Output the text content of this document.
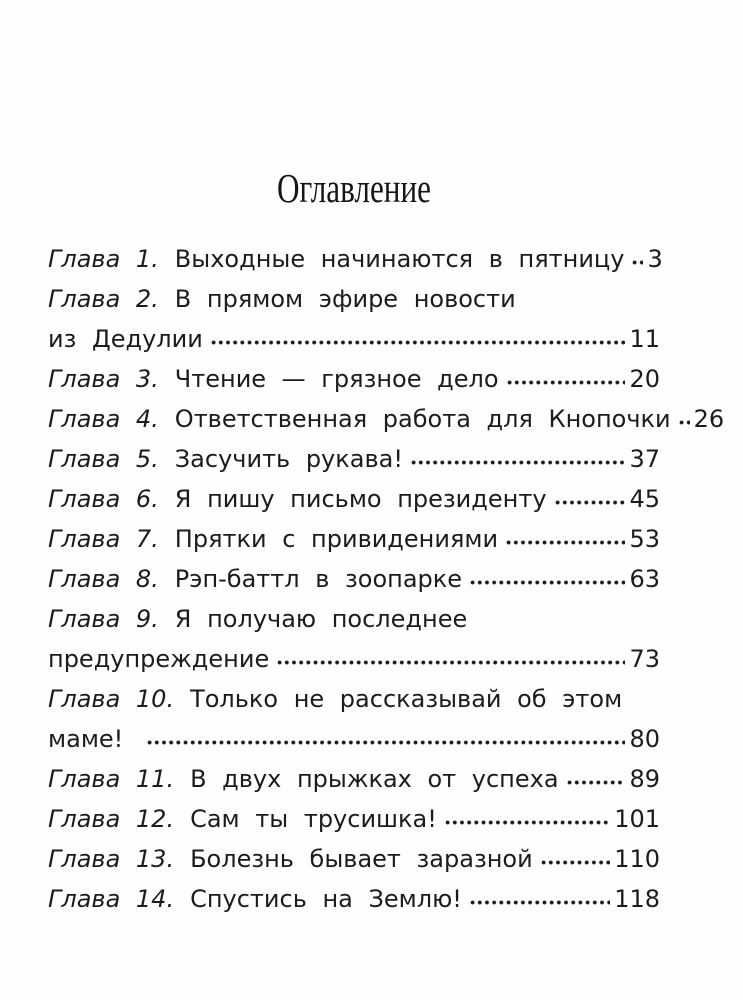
Оглавление
Глава 1. Выходные начинаются в пятницу 3
Глава 2. В прямом эфире новости
из Дедулии	11
Глава 3. Чтение — грязное дело	20
Глава 4. Ответственная работа для Кнопочки 26
Глава 5. Засучить рукава!	37
Глава 6. Я пишу письмо президенту	45
Глава 7. Прятки с привидениями	53
Глава 8. Рэп-баттл в зоопарке	63
Глава 9. Я получаю последнее
предупреждение	73
Глава 10. Только не рассказывай об этом
маме!	80
Глава 11. В двух прыжках от успеха	89
Глава 12. Сам ты трусишка!	101
Глава 13. Болезнь бывает заразной	110
Глава 14. Спустись на Землю!	118
